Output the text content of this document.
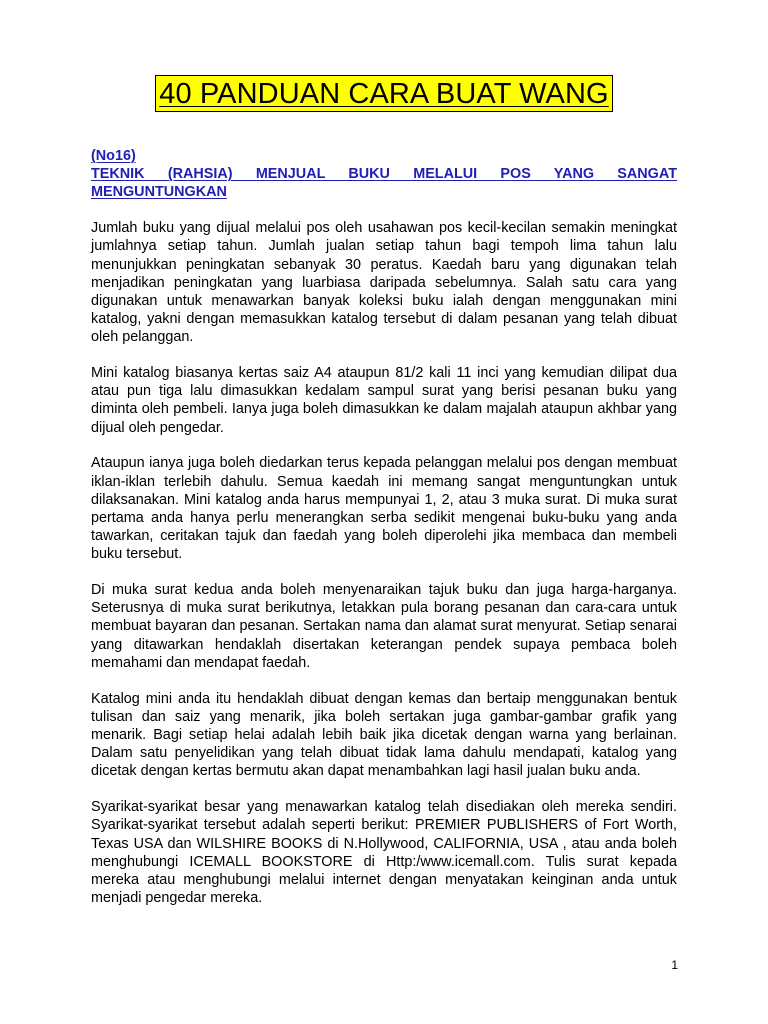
40 PANDUAN CARA BUAT WANG
(No16)
TEKNIK (RAHSIA) MENJUAL BUKU MELALUI POS YANG SANGAT
MENGUNTUNGKAN

Jumlah buku yang dijual melalui pos oleh usahawan pos kecil-kecilan semakin meningkat jumlahnya setiap tahun. Jumlah jualan setiap tahun bagi tempoh lima tahun lalu menunjukkan peningkatan sebanyak 30 peratus. Kaedah baru yang digunakan telah menjadikan peningkatan yang luarbiasa daripada sebelumnya. Salah satu cara yang digunakan untuk menawarkan banyak koleksi buku ialah dengan menggunakan mini katalog, yakni dengan memasukkan katalog tersebut di dalam pesanan yang telah dibuat oleh pelanggan.

Mini katalog biasanya kertas saiz A4 ataupun 81/2 kali 11 inci yang kemudian dilipat dua atau pun tiga lalu dimasukkan kedalam sampul surat yang berisi pesanan buku yang diminta oleh pembeli. Ianya juga boleh dimasukkan ke dalam majalah ataupun akhbar yang dijual oleh pengedar.

Ataupun ianya juga boleh diedarkan terus kepada pelanggan melalui pos dengan membuat iklan-iklan terlebih dahulu. Semua kaedah ini memang sangat menguntungkan untuk dilaksanakan. Mini katalog anda harus mempunyai 1, 2, atau 3 muka surat. Di muka surat pertama anda hanya perlu menerangkan serba sedikit mengenai buku-buku yang anda tawarkan, ceritakan tajuk dan faedah yang boleh diperolehi jika membaca dan membeli buku tersebut.

Di muka surat kedua anda boleh menyenaraikan tajuk buku dan juga harga-harganya. Seterusnya di muka surat berikutnya, letakkan pula borang pesanan dan cara-cara untuk membuat bayaran dan pesanan. Sertakan nama dan alamat surat menyurat. Setiap senarai yang ditawarkan hendaklah disertakan keterangan pendek supaya pembaca boleh memahami dan mendapat faedah.

Katalog mini anda itu hendaklah dibuat dengan kemas dan bertaip menggunakan bentuk tulisan dan saiz yang menarik, jika boleh sertakan juga gambar-gambar grafik yang menarik. Bagi setiap helai adalah lebih baik jika dicetak dengan warna yang berlainan. Dalam satu penyelidikan yang telah dibuat tidak lama dahulu mendapati, katalog yang dicetak dengan kertas bermutu akan dapat menambahkan lagi hasil jualan buku anda.

Syarikat-syarikat besar yang menawarkan katalog telah disediakan oleh mereka sendiri. Syarikat-syarikat tersebut adalah seperti berikut: PREMIER PUBLISHERS of Fort Worth, Texas USA dan WILSHIRE BOOKS di N.Hollywood, CALIFORNIA, USA , atau anda boleh menghubungi ICEMALL BOOKSTORE di Http:/www.icemall.com. Tulis surat kepada mereka atau menghubungi melalui internet dengan menyatakan keinginan anda untuk menjadi pengedar mereka.

1
